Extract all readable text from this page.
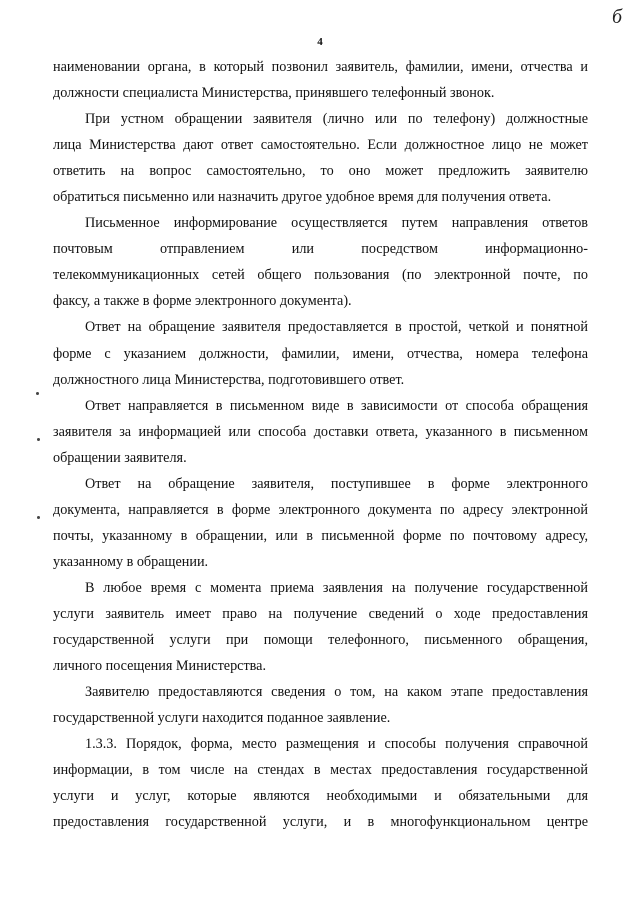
б
4

наименовании органа, в который позвонил заявитель, фамилии, имени, отчества и
должности специалиста Министерства, принявшего телефонный звонок.

При устном обращении заявителя (лично или по телефону) должностные
лица Министерства дают ответ самостоятельно. Если должностное лицо не может
ответить на вопрос самостоятельно, то оно может предложить заявителю
обратиться письменно или назначить другое удобное время для получения ответа.

Письменное информирование осуществляется путем направления ответов
почтовым отправлением или посредством информационно-
телекоммуникационных сетей общего пользования (по электронной почте, по
факсу, а также в форме электронного документа).

Ответ на обращение заявителя предоставляется в простой, четкой и понятной
форме с указанием должности, фамилии, имени, отчества, номера телефона
должностного лица Министерства, подготовившего ответ.

Ответ направляется в письменном виде в зависимости от способа обращения
заявителя за информацией или способа доставки ответа, указанного в письменном
обращении заявителя.

Ответ на обращение заявителя, поступившее в форме электронного
документа, направляется в форме электронного документа по адресу электронной
почты, указанному в обращении, или в письменной форме по почтовому адресу,
указанному в обращении.

В любое время с момента приема заявления на получение государственной
услуги заявитель имеет право на получение сведений о ходе предоставления
государственной услуги при помощи телефонного, письменного обращения,
личного посещения Министерства.

Заявителю предоставляются сведения о том, на каком этапе предоставления
государственной услуги находится поданное заявление.

1.3.3. Порядок, форма, место размещения и способы получения справочной
информации, в том числе на стендах в местах предоставления государственной
услуги и услуг, которые являются необходимыми и обязательными для
предоставления государственной услуги, и в многофункциональном центре
